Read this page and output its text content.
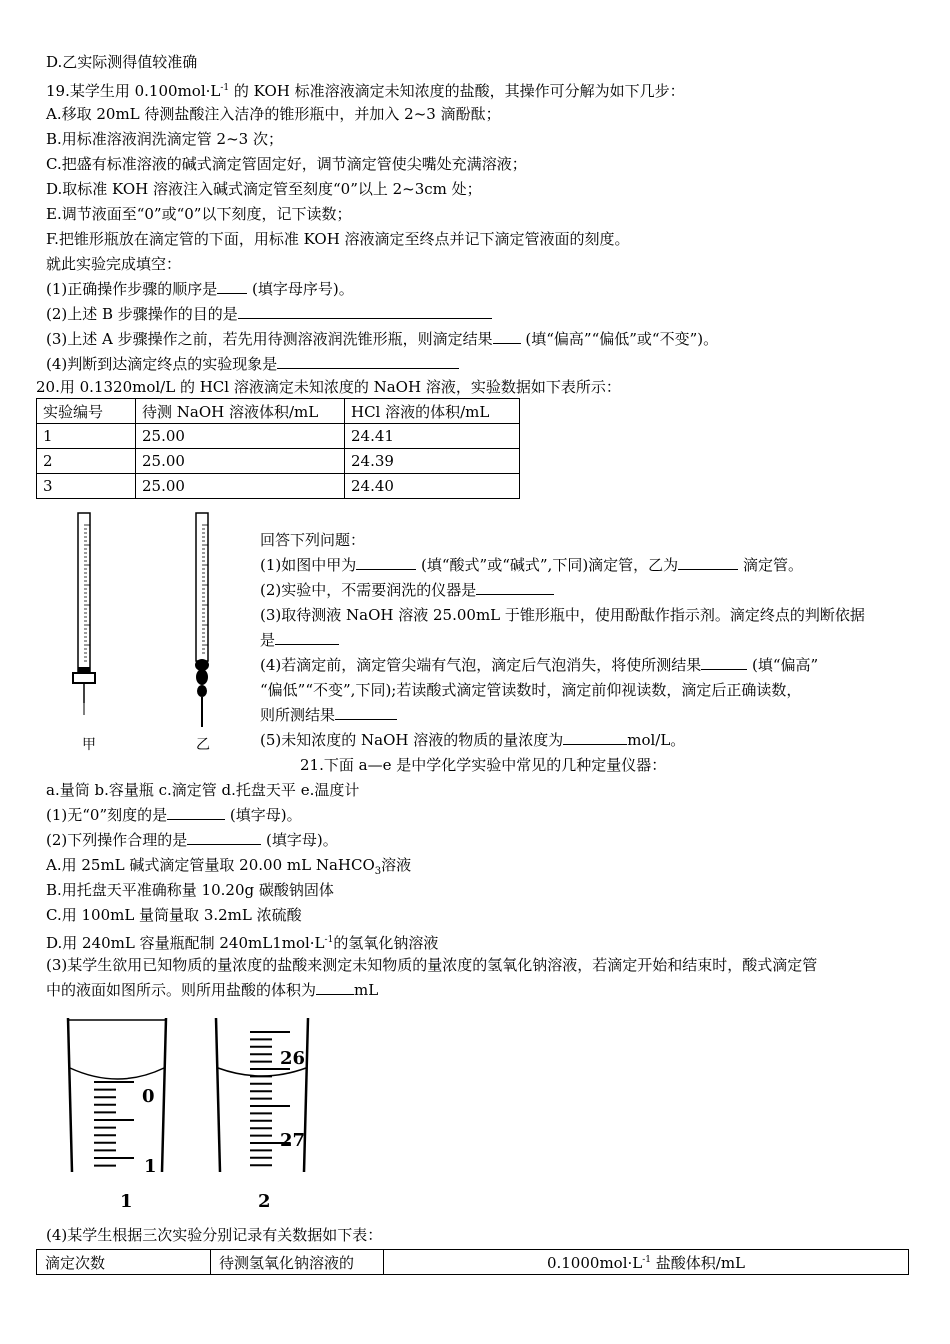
D.乙实际测得值较准确
19.某学生用 $0.100mol\cdot L^{-1}$ 的 KOH 标准溶液滴定未知浓度的盐酸，其操作可分解为如下几步：
A.移取 20mL 待测盐酸注入洁净的锥形瓶中，并加入 2~3 滴酚酞；
B.用标准溶液润洗滴定管 2~3 次；
C.把盛有标准溶液的碱式滴定管固定好，调节滴定管使尖嘴处充满溶液；
D.取标准 KOH 溶液注入碱式滴定管至刻度“0”以上 2~3cm 处；
E.调节液面至“0”或“0”以下刻度，记下读数；
F.把锥形瓶放在滴定管的下面，用标准 KOH 溶液滴定至终点并记下滴定管液面的刻度。
就此实验完成填空：
(1)正确操作步骤的顺序是 (填字母序号)。
(2)上述 B 步骤操作的目的是
(3)上述 A 步骤操作之前，若先用待测溶液润洗锥形瓶，则滴定结果 (填“偏高”“偏低”或“不变”)。
(4)判断到达滴定终点的实验现象是
20.用 0.1320mol/L 的 HCl 溶液滴定未知浓度的 NaOH 溶液，实验数据如下表所示：
实验编号	待测 NaOH 溶液体积/mL	HCl 溶液的体积/mL
1	25.00	24.41
2	25.00	24.39
3	25.00	24.40
甲	乙
回答下列问题：
(1)如图中甲为	(填“酸式”或“碱式”,下同)滴定管，乙为	滴定管。
(2)实验中，不需要润洗的仪器是
(3)取待测液 NaOH 溶液 25.00mL 于锥形瓶中，使用酚酞作指示剂。滴定终点的判断依据
是
(4)若滴定前，滴定管尖端有气泡，滴定后气泡消失，将使所测结果	(填“偏高”
“偏低”“不变”,下同);若读酸式滴定管读数时，滴定前仰视读数，滴定后正确读数，
则所测结果
(5)未知浓度的 NaOH 溶液的物质的量浓度为	mol/L。
21.下面 a—e 是中学化学实验中常见的几种定量仪器：
a.量筒 b.容量瓶 c.滴定管 d.托盘天平 e.温度计
(1)无“0”刻度的是	(填字母)。
(2)下列操作合理的是	(填字母)。
A.用 25mL 碱式滴定管量取 20.00 mL NaHCO$_3$溶液
B.用托盘天平准确称量 10.20g 碳酸钠固体
C.用 100mL 量筒量取 3.2mL 浓硫酸
D.用 240mL 容量瓶配制 $240mL1mol\cdot L^{-1}$的氢氧化钠溶液
(3)某学生欲用已知物质的量浓度的盐酸来测定未知物质的量浓度的氢氧化钠溶液，若滴定开始和结束时，酸式滴定管
中的液面如图所示。则所用盐酸的体积为	mL
0
1
1
26
27
2
(4)某学生根据三次实验分别记录有关数据如下表：
滴定次数	待测氢氧化钠溶液的	$0.1000mol\cdot L^{-1}$ 盐酸体积/mL
